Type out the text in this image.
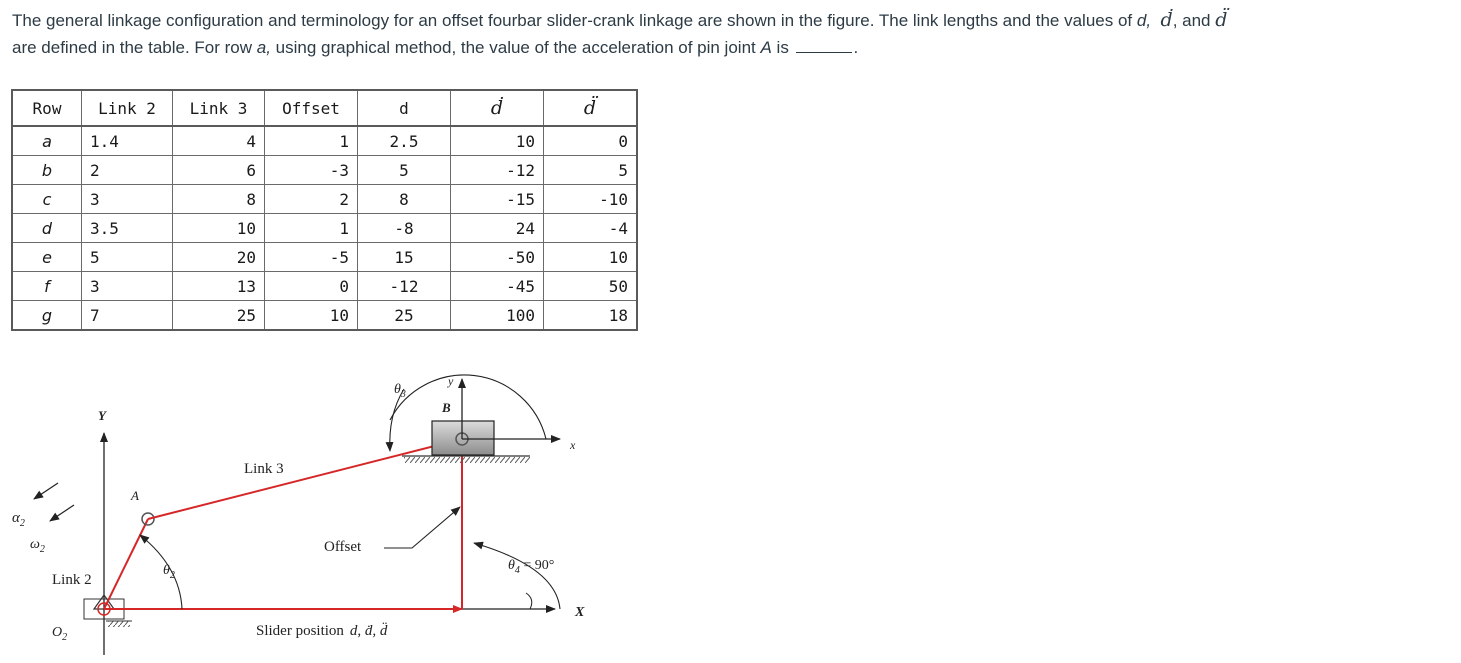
The general linkage configuration and terminology for an offset fourbar slider-crank linkage are shown in the figure. The link lengths and the values of d, ḋ, and d̈
are defined in the table. For row a, using graphical method, the value of the acceleration of pin joint A is	.
Row	Link 2	Link 3	Offset	d	ḋ	d̈
a	1.4	4	1	2.5	10	0
b	2	6	-3	5	-12	5
c	3	8	2	8	-15	-10
d	3.5	10	1	-8	24	-4
e	5	20	-5	15	-50	10
f	3	13	0	-12	-45	50
g	7	25	10	25	100	18
Y
X
$O_2$
A
Link 2
Link 3
B
y
x
$\theta_3$
Offset
$\theta_2$
$\theta_4 = 90^\circ$
$\alpha_2$
$\omega_2$
Slider position d, ḋ, d̈
